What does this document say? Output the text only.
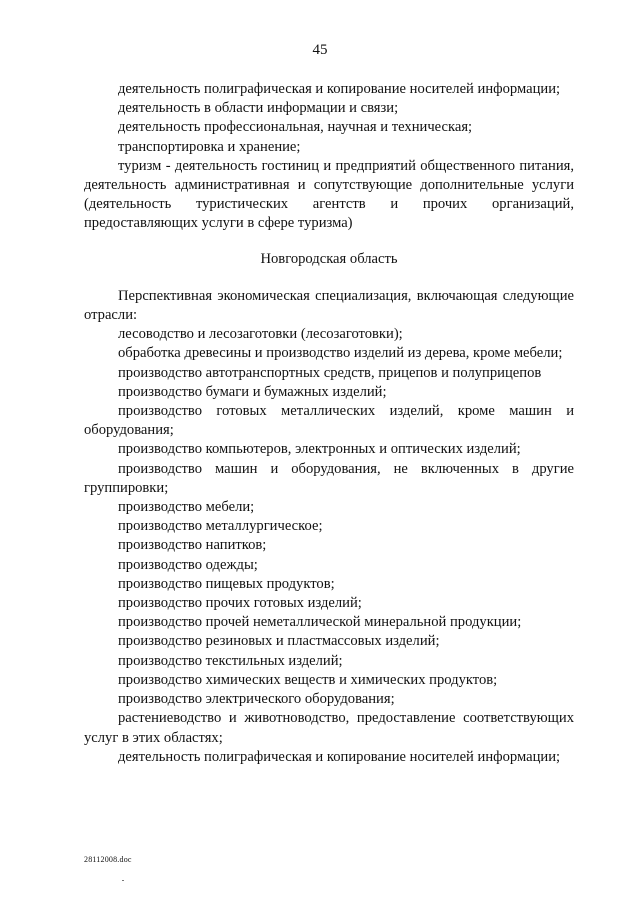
45

деятельность полиграфическая и копирование носителей информации;

деятельность в области информации и связи;

деятельность профессиональная, научная и техническая;

транспортировка и хранение;

туризм - деятельность гостиниц и предприятий общественного питания, деятельность административная и сопутствующие дополнительные услуги (деятельность туристических агентств и прочих организаций, предоставляющих услуги в сфере туризма)

Новгородская область

Перспективная экономическая специализация, включающая следующие отрасли:

лесоводство и лесозаготовки (лесозаготовки);

обработка древесины и производство изделий из дерева, кроме мебели;

производство автотранспортных средств, прицепов и полуприцепов

производство бумаги и бумажных изделий;

производство готовых металлических изделий, кроме машин и оборудования;

производство компьютеров, электронных и оптических изделий;

производство машин и оборудования, не включенных в другие группировки;

производство мебели;

производство металлургическое;

производство напитков;

производство одежды;

производство пищевых продуктов;

производство прочих готовых изделий;

производство прочей неметаллической минеральной продукции;

производство резиновых и пластмассовых изделий;

производство текстильных изделий;

производство химических веществ и химических продуктов;

производство электрического оборудования;

растениеводство и животноводство, предоставление соответствующих услуг в этих областях;

деятельность полиграфическая и копирование носителей информации;

28112008.doc
